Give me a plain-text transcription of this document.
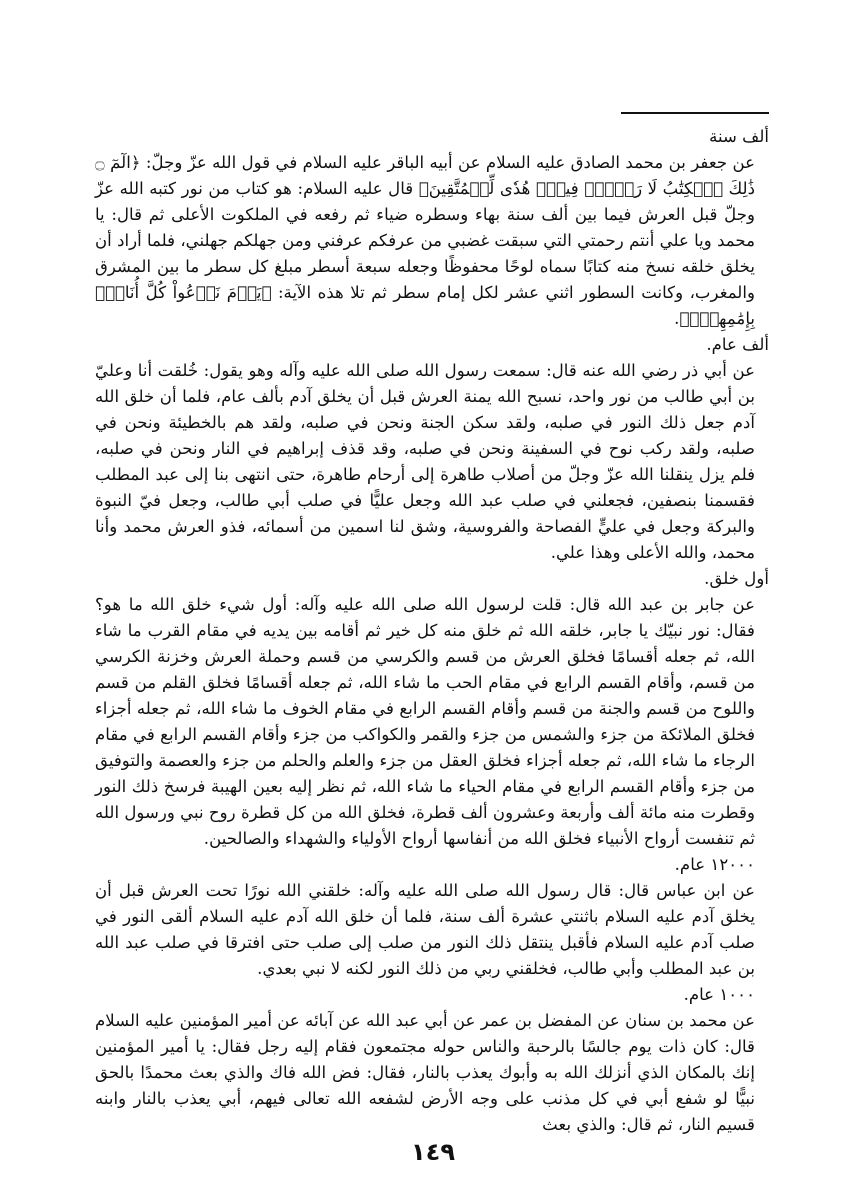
ألف سنة

عن جعفر بن محمد الصادق عليه السلام عن أبيه الباقر عليه السلام في قول الله عزّ وجلّ: ﴿الٓمٓ ۝ ذَٰلِكَ ٱلۡكِتَٰبُ لَا رَيۡبَۛ فِيهِۛ هُدٗى لِّلۡمُتَّقِينَ﴾ قال عليه السلام: هو كتاب من نور كتبه الله عزّ وجلّ قبل العرش فيما بين ألف سنة بهاء وسطره ضياء ثم رفعه في الملكوت الأعلى ثم قال: يا محمد ويا علي أنتم رحمتي التي سبقت غضبي من عرفكم عرفني ومن جهلكم جهلني، فلما أراد أن يخلق خلقه نسخ منه كتابًا سماه لوحًا محفوظًا وجعله سبعة أسطر مبلغ كل سطر ما بين المشرق والمغرب، وكانت السطور اثني عشر لكل إمام سطر ثم تلا هذه الآية: ﴿يَوۡمَ نَدۡعُواْ كُلَّ أُنَاسِۢ بِإِمَٰمِهِمۡۖ﴾.

ألف عام.

عن أبي ذر رضي الله عنه قال: سمعت رسول الله صلى الله عليه وآله وهو يقول: خُلقت أنا وعليّ بن أبي طالب من نور واحد، نسبح الله يمنة العرش قبل أن يخلق آدم بألف عام، فلما أن خلق الله آدم جعل ذلك النور في صلبه، ولقد سكن الجنة ونحن في صلبه، ولقد هم بالخطيئة ونحن في صلبه، ولقد ركب نوح في السفينة ونحن في صلبه، وقد قذف إبراهيم في النار ونحن في صلبه، فلم يزل ينقلنا الله عزّ وجلّ من أصلاب طاهرة إلى أرحام طاهرة، حتى انتهى بنا إلى عبد المطلب فقسمنا بنصفين، فجعلني في صلب عبد الله وجعل عليًّا في صلب أبي طالب، وجعل فيّ النبوة والبركة وجعل في عليٍّ الفصاحة والفروسية، وشق لنا اسمين من أسمائه، فذو العرش محمد وأنا محمد، والله الأعلى وهذا علي.

أول خلق.

عن جابر بن عبد الله قال: قلت لرسول الله صلى الله عليه وآله: أول شيء خلق الله ما هو؟ فقال: نور نبيّك يا جابر، خلقه الله ثم خلق منه كل خير ثم أقامه بين يديه في مقام القرب ما شاء الله، ثم جعله أقسامًا فخلق العرش من قسم والكرسي من قسم وحملة العرش وخزنة الكرسي من قسم، وأقام القسم الرابع في مقام الحب ما شاء الله، ثم جعله أقسامًا فخلق القلم من قسم واللوح من قسم والجنة من قسم وأقام القسم الرابع في مقام الخوف ما شاء الله، ثم جعله أجزاء فخلق الملائكة من جزء والشمس من جزء والقمر والكواكب من جزء وأقام القسم الرابع في مقام الرجاء ما شاء الله، ثم جعله أجزاء فخلق العقل من جزء والعلم والحلم من جزء والعصمة والتوفيق من جزء وأقام القسم الرابع في مقام الحياء ما شاء الله، ثم نظر إليه بعين الهيبة فرسخ ذلك النور وقطرت منه مائة ألف وأربعة وعشرون ألف قطرة، فخلق الله من كل قطرة روح نبي ورسول الله ثم تنفست أرواح الأنبياء فخلق الله من أنفاسها أرواح الأولياء والشهداء والصالحين.

١٢٠٠٠ عام.

عن ابن عباس قال: قال رسول الله صلى الله عليه وآله: خلقني الله نورًا تحت العرش قبل أن يخلق آدم عليه السلام باثنتي عشرة ألف سنة، فلما أن خلق الله آدم عليه السلام ألقى النور في صلب آدم عليه السلام فأقبل ينتقل ذلك النور من صلب إلى صلب حتى افترقا في صلب عبد الله بن عبد المطلب وأبي طالب، فخلقني ربي من ذلك النور لكنه لا نبي بعدي.

١٠٠٠ عام.

عن محمد بن سنان عن المفضل بن عمر عن أبي عبد الله عن آبائه عن أمير المؤمنين عليه السلام قال: كان ذات يوم جالسًا بالرحبة والناس حوله مجتمعون فقام إليه رجل فقال: يا أمير المؤمنين إنك بالمكان الذي أنزلك الله به وأبوك يعذب بالنار، فقال: فض الله فاك والذي بعث محمدًا بالحق نبيًّا لو شفع أبي في كل مذنب على وجه الأرض لشفعه الله تعالى فيهم، أبي يعذب بالنار وابنه قسيم النار، ثم قال: والذي بعث

١٤٩
